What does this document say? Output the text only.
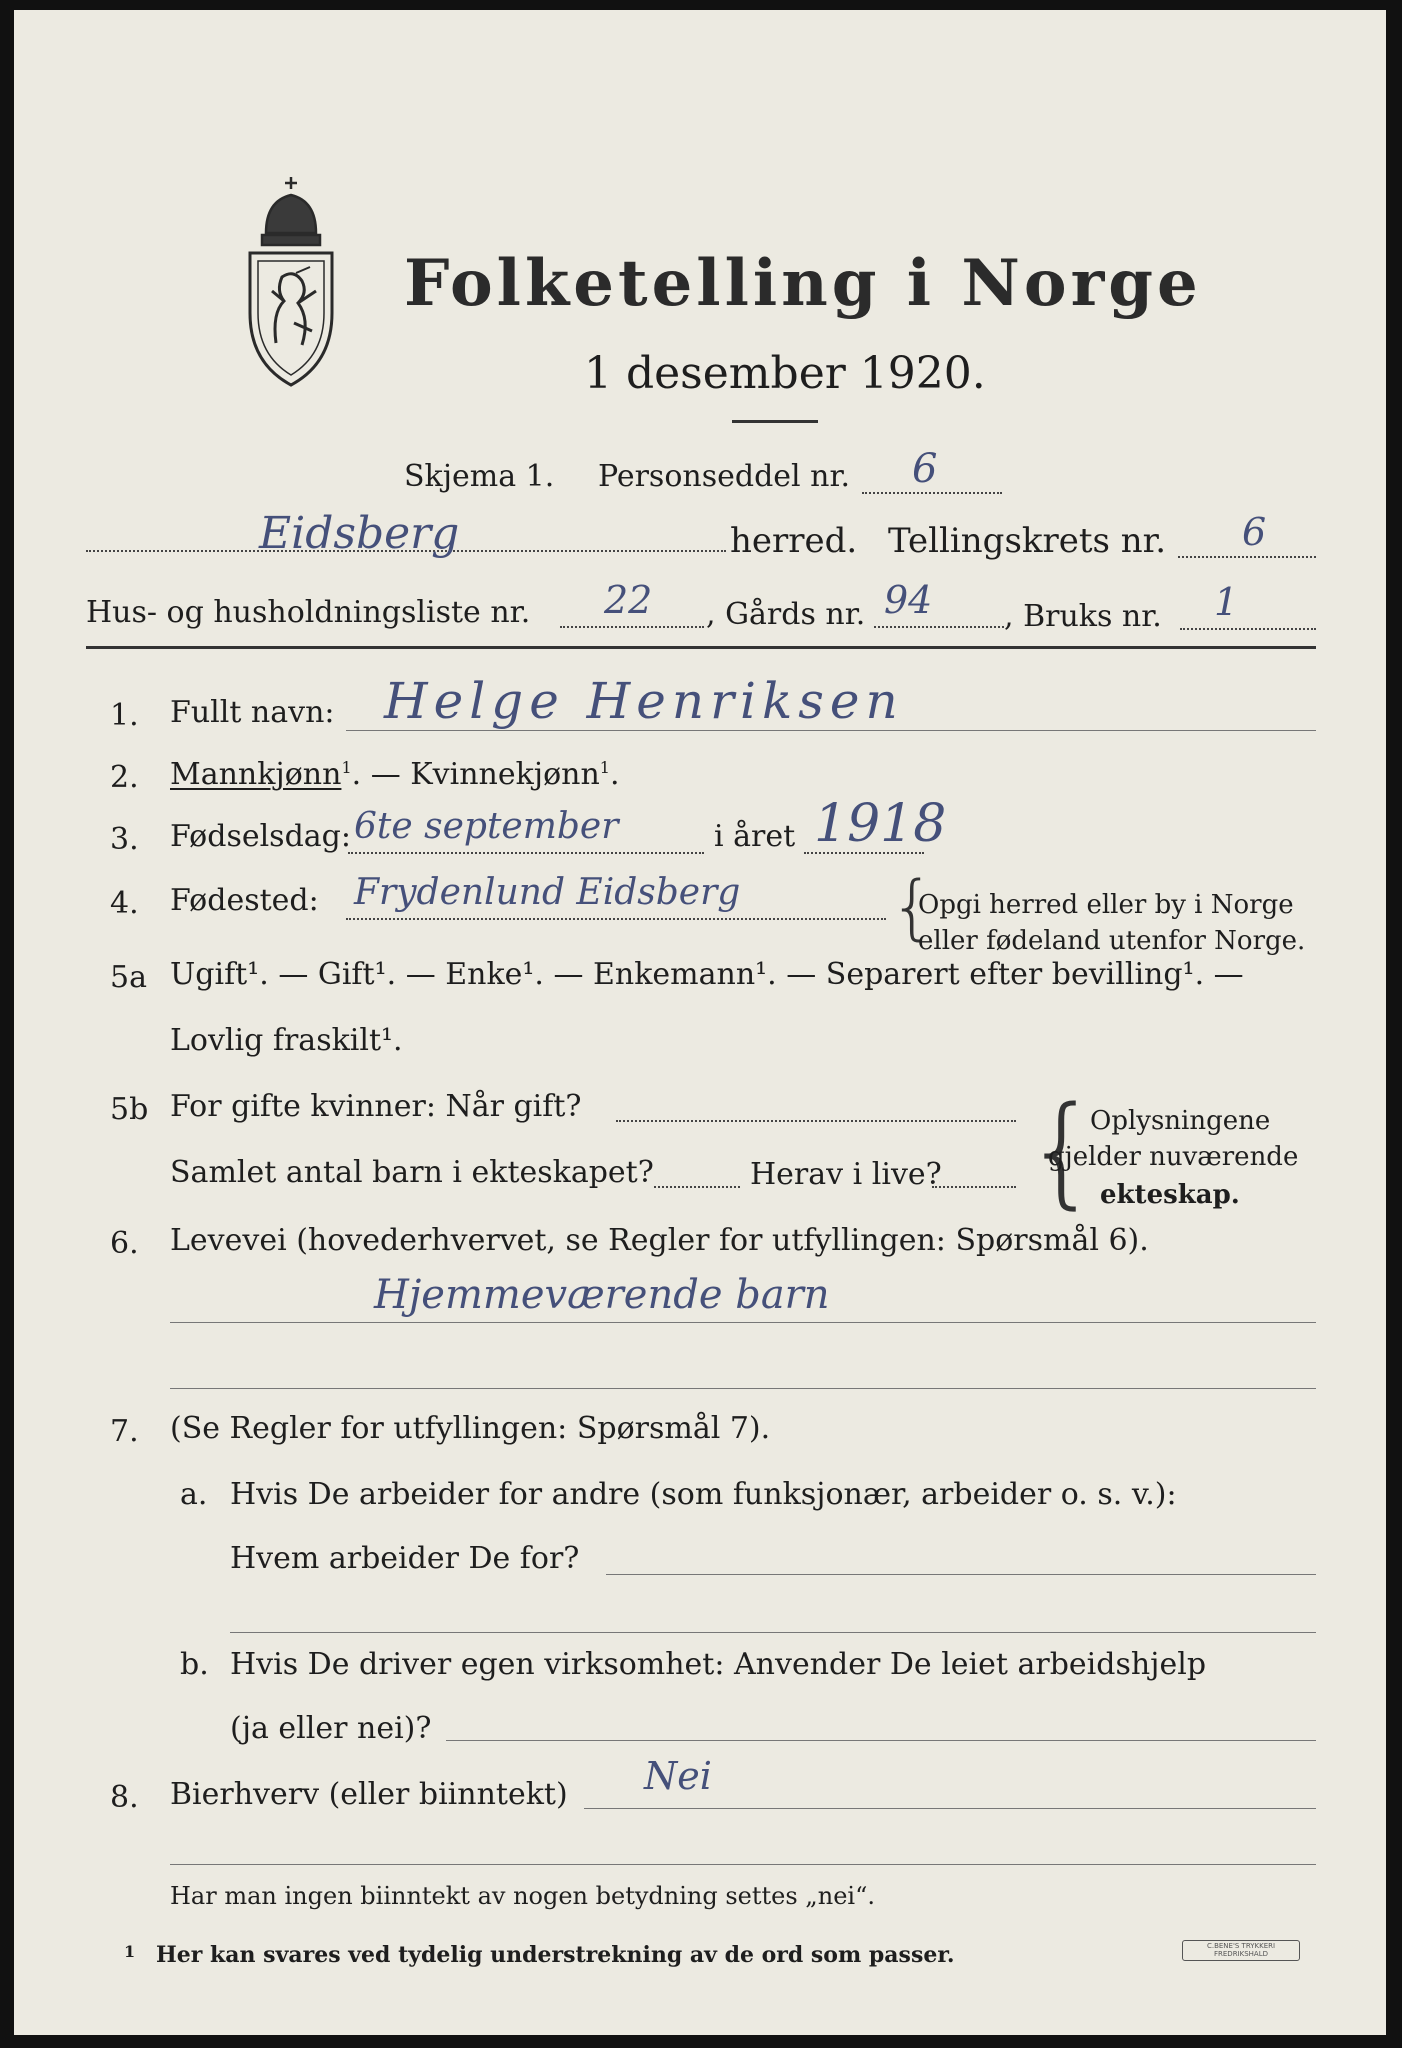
Folketelling i Norge
1 desember 1920.
Skjema 1. Personseddel nr. 6
Eidsberg	herred. Tellingskrets nr. 6
Hus- og husholdningsliste nr. 22 , Gårds nr. 94 , Bruks nr. 1
1. Fullt navn: Helge Henriksen
2. Mannkjønn$^1$. — Kvinnekjønn$^1$.
3. Fødselsdag: 6te september	i året 1918
4. Fødested: Frydenlund Eidsberg {
Opgi herred eller by i Norge
eller fødeland utenfor Norge.
5a Ugift¹. — Gift¹. — Enke¹. — Enkemann¹. — Separert efter bevilling¹. —
Lovlig fraskilt¹.
5b For gifte kvinner: Når gift?
Samlet antal barn i ekteskapet?	Herav i live? {
Oplysningene
gjelder nuværende
ekteskap.
6. Levevei (hovederhvervet, se Regler for utfyllingen: Spørsmål 6).
Hjemmeværende barn
7. (Se Regler for utfyllingen: Spørsmål 7).
a. Hvis De arbeider for andre (som funksjonær, arbeider o. s. v.):
Hvem arbeider De for?
b. Hvis De driver egen virksomhet: Anvender De leiet arbeidshjelp
(ja eller nei)?
8. Bierhverv (eller biinntekt) Nei
Har man ingen biinntekt av nogen betydning settes „nei“.
1 Her kan svares ved tydelig understrekning av de ord som passer.	C.BENE'S TRYKKERI FREDRIKSHALD
